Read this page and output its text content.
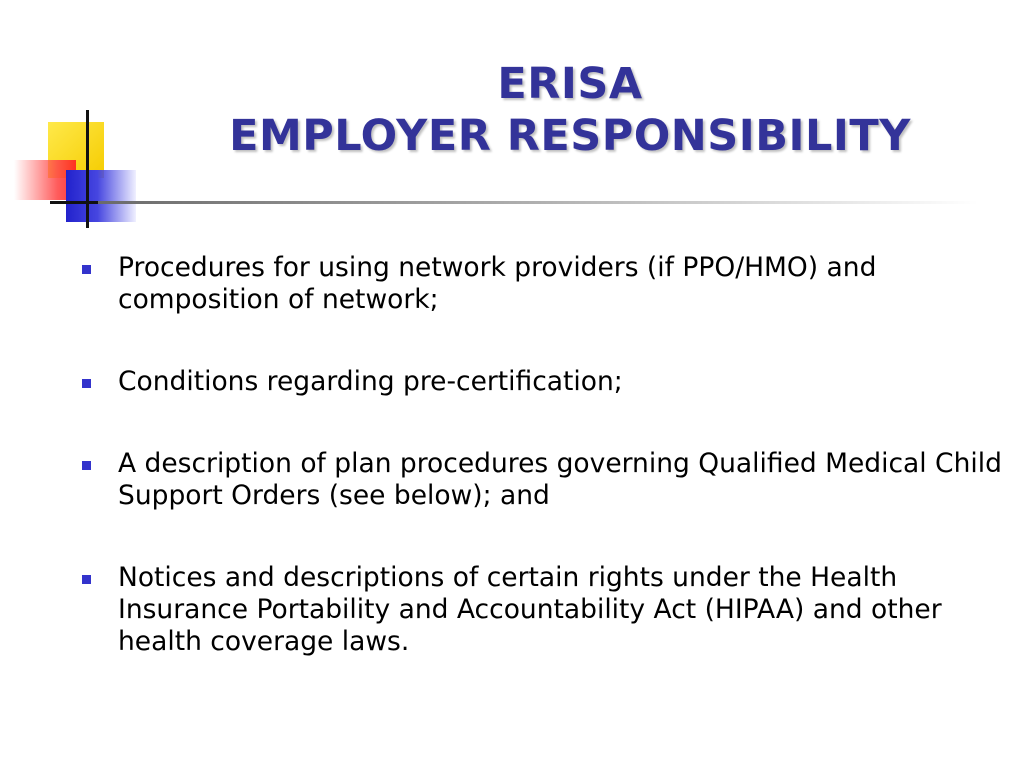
ERISA
EMPLOYER RESPONSIBILITY
Procedures for using network providers (if PPO/HMO) and composition of network;
Conditions regarding pre-certification;
A description of plan procedures governing Qualified Medical Child Support Orders (see below); and
Notices and descriptions of certain rights under the Health Insurance Portability and Accountability Act (HIPAA) and other health coverage laws.
